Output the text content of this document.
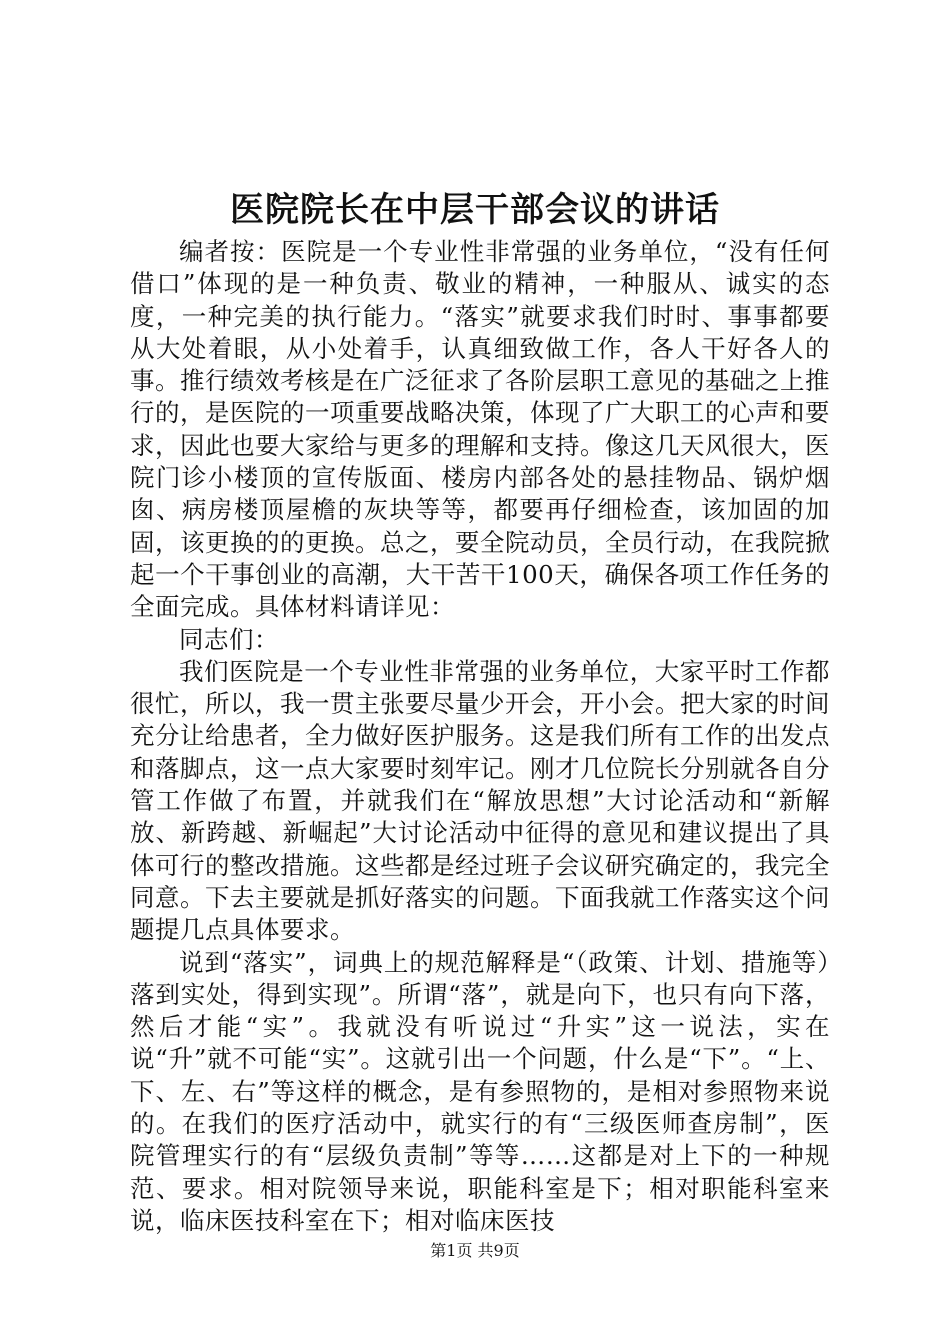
医院院长在中层干部会议的讲话

编者按：医院是一个专业性非常强的业务单位，“没有任何借口”体现的是一种负责、敬业的精神，一种服从、诚实的态度，一种完美的执行能力。“落实”就要求我们时时、事事都要从大处着眼，从小处着手，认真细致做工作，各人干好各人的事。推行绩效考核是在广泛征求了各阶层职工意见的基础之上推行的，是医院的一项重要战略决策，体现了广大职工的心声和要求，因此也要大家给与更多的理解和支持。像这几天风很大，医院门诊小楼顶的宣传版面、楼房内部各处的悬挂物品、锅炉烟囱、病房楼顶屋檐的灰块等等，都要再仔细检查，该加固的加固，该更换的的更换。总之，要全院动员，全员行动，在我院掀起一个干事创业的高潮，大干苦干100天，确保各项工作任务的全面完成。具体材料请详见：

同志们：

我们医院是一个专业性非常强的业务单位，大家平时工作都很忙，所以，我一贯主张要尽量少开会，开小会。把大家的时间充分让给患者，全力做好医护服务。这是我们所有工作的出发点和落脚点，这一点大家要时刻牢记。刚才几位院长分别就各自分管工作做了布置，并就我们在“解放思想”大讨论活动和“新解放、新跨越、新崛起”大讨论活动中征得的意见和建议提出了具体可行的整改措施。这些都是经过班子会议研究确定的，我完全同意。下去主要就是抓好落实的问题。下面我就工作落实这个问题提几点具体要求。

说到“落实”，词典上的规范解释是“（政策、计划、措施等）落到实处，得到实现”。所谓“落”，就是向下，也只有向下落，然后才能“实”。我就没有听说过“升实”这一说法，实在说“升”就不可能“实”。这就引出一个问题，什么是“下”。“上、下、左、右”等这样的概念，是有参照物的，是相对参照物来说的。在我们的医疗活动中，就实行的有“三级医师查房制”，医院管理实行的有“层级负责制”等等……这都是对上下的一种规范、要求。相对院领导来说，职能科室是下；相对职能科室来说，临床医技科室在下；相对临床医技

第1页 共9页
